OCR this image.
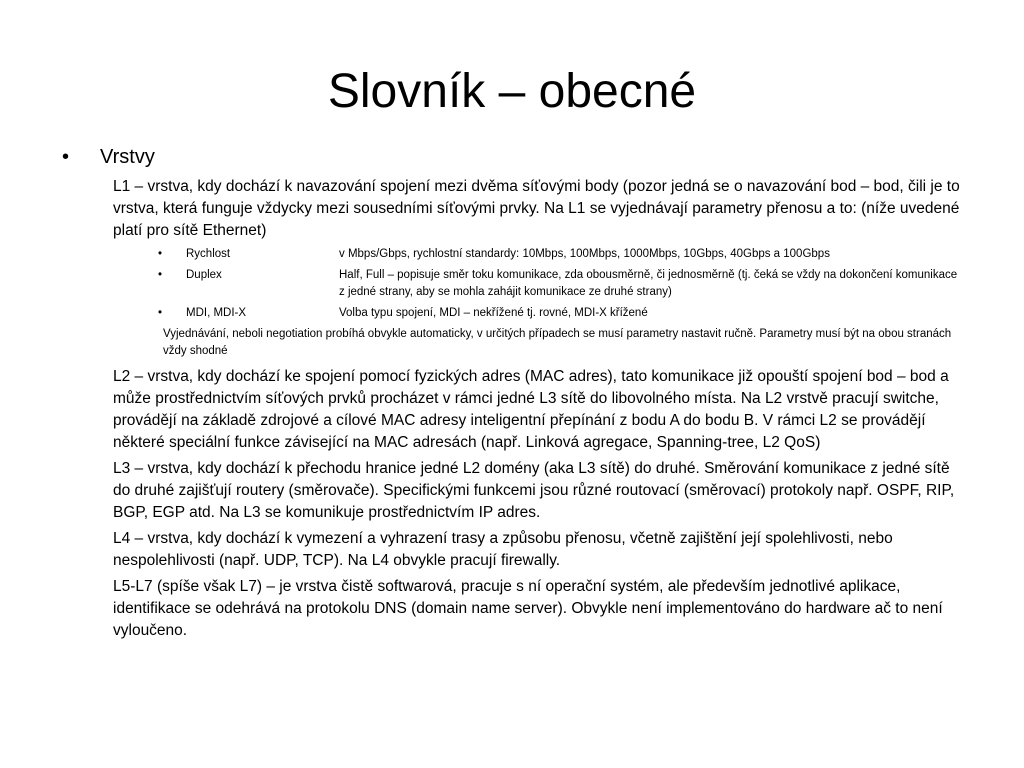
Slovník – obecné
• Vrstvy

L1 – vrstva, kdy dochází k navazování spojení mezi dvěma síťovými body (pozor jedná se o navazování bod – bod, čili je to vrstva, která funguje vždycky mezi sousedními síťovými prvky. Na L1 se vyjednávají parametry přenosu a to: (níže uvedené platí pro sítě Ethernet)

•	Rychlost	v Mbps/Gbps, rychlostní standardy: 10Mbps, 100Mbps, 1000Mbps, 10Gbps, 40Gbps a 100Gbps
•	Duplex	Half, Full – popisuje směr toku komunikace, zda obousměrně, či jednosměrně (tj. čeká se vždy na dokončení komunikace z jedné strany, aby se mohla zahájit komunikace ze druhé strany)
•	MDI, MDI-X	Volba typu spojení, MDI – nekřížené tj. rovné, MDI-X křížené

Vyjednávání, neboli negotiation probíhá obvykle automaticky, v určitých případech se musí parametry nastavit ručně. Parametry musí být na obou stranách vždy shodné

L2 – vrstva, kdy dochází ke spojení pomocí fyzických adres (MAC adres), tato komunikace již opouští spojení bod – bod a může prostřednictvím síťových prvků procházet v rámci jedné L3 sítě do libovolného místa. Na L2 vrstvě pracují switche, provádějí na základě zdrojové a cílové MAC adresy inteligentní přepínání z bodu A do bodu B. V rámci L2 se provádějí některé speciální funkce závisející na MAC adresách (např. Linková agregace, Spanning-tree, L2 QoS)

L3 – vrstva, kdy dochází k přechodu hranice jedné L2 domény (aka L3 sítě) do druhé. Směrování komunikace z jedné sítě do druhé zajišťují routery (směrovače). Specifickými funkcemi jsou různé routovací (směrovací) protokoly např. OSPF, RIP, BGP, EGP atd. Na L3 se komunikuje prostřednictvím IP adres.

L4 – vrstva, kdy dochází k vymezení a vyhrazení trasy a způsobu přenosu, včetně zajištění její spolehlivosti, nebo nespolehlivosti (např. UDP, TCP). Na L4 obvykle pracují firewally.

L5-L7 (spíše však L7) – je vrstva čistě softwarová, pracuje s ní operační systém, ale především jednotlivé aplikace, identifikace se odehrává na protokolu DNS (domain name server). Obvykle není implementováno do hardware ač to není vyloučeno.
